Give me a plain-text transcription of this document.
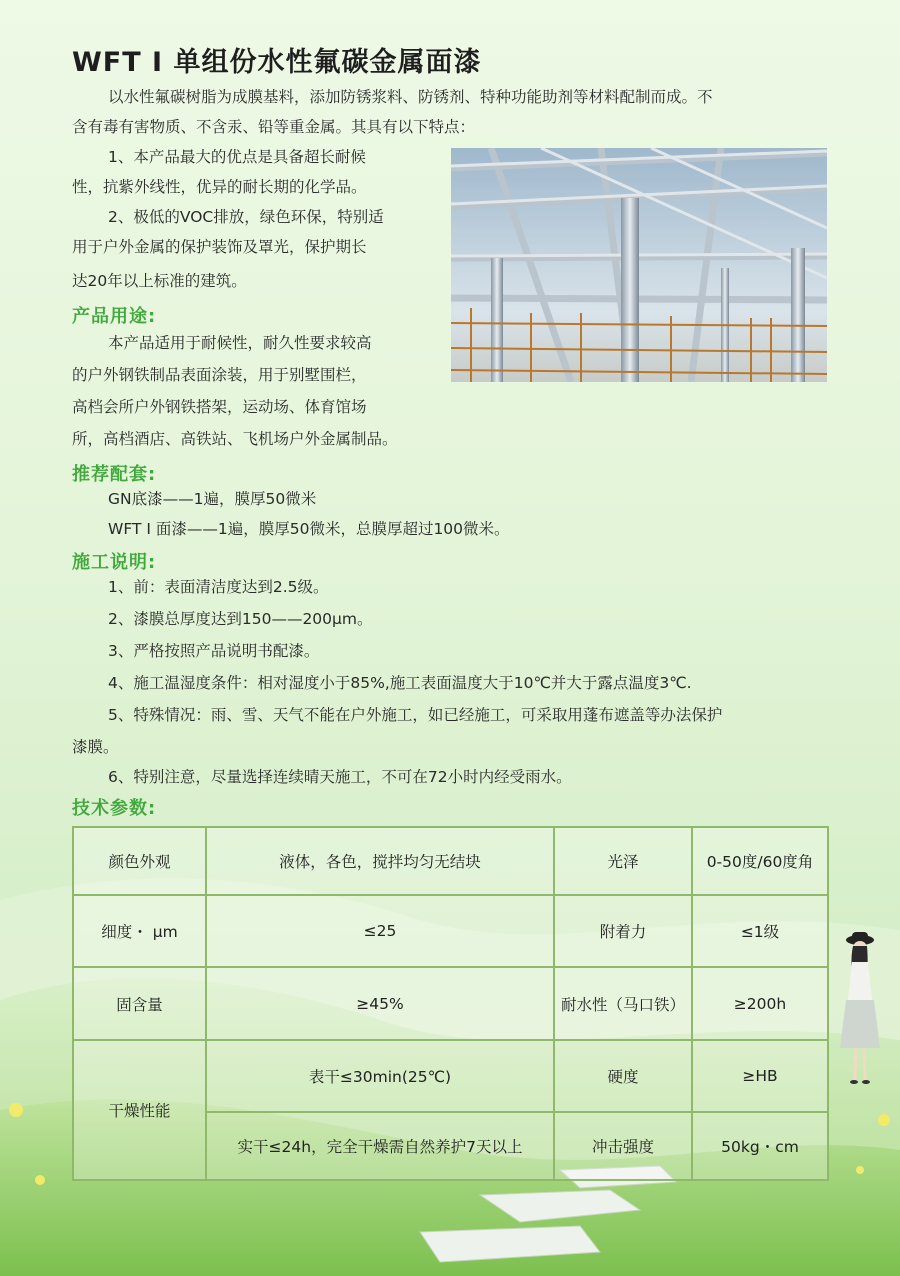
WFT Ⅰ 单组份水性氟碳金属面漆

以水性氟碳树脂为成膜基料，添加防锈浆料、防锈剂、特种功能助剂等材料配制而成。不

含有毒有害物质、不含汞、铅等重金属。其具有以下特点：

1、本产品最大的优点是具备超长耐候

性，抗紫外线性，优异的耐长期的化学品。

2、极低的VOC排放，绿色环保，特别适

用于户外金属的保护装饰及罩光，保护期长

达20年以上标准的建筑。

产品用途:

本产品适用于耐候性，耐久性要求较高

的户外钢铁制品表面涂装，用于别墅围栏，

高档会所户外钢铁搭架，运动场、体育馆场

所，高档酒店、高铁站、飞机场户外金属制品。

推荐配套:

GN底漆——1遍，膜厚50微米

WFT Ⅰ 面漆——1遍，膜厚50微米，总膜厚超过100微米。

施工说明:

1、前：表面清洁度达到2.5级。

2、漆膜总厚度达到150——200μm。

3、严格按照产品说明书配漆。

4、施工温湿度条件：相对湿度小于85%,施工表面温度大于10℃并大于露点温度3℃.

5、特殊情况：雨、雪、天气不能在户外施工，如已经施工，可采取用蓬布遮盖等办法保护

漆膜。

6、特别注意，尽量选择连续晴天施工，不可在72小时内经受雨水。

技术参数:
颜色外观	液体，各色，搅拌均匀无结块	光泽	0-50度/60度角
细度・ μm	≤25	附着力	≤1级
固含量	≥45%	耐水性（马口铁）	≥200h
干燥性能	表干≤30min(25℃)	硬度	≥HB
	实干≤24h，完全干燥需自然养护7天以上	冲击强度	50kg・cm
